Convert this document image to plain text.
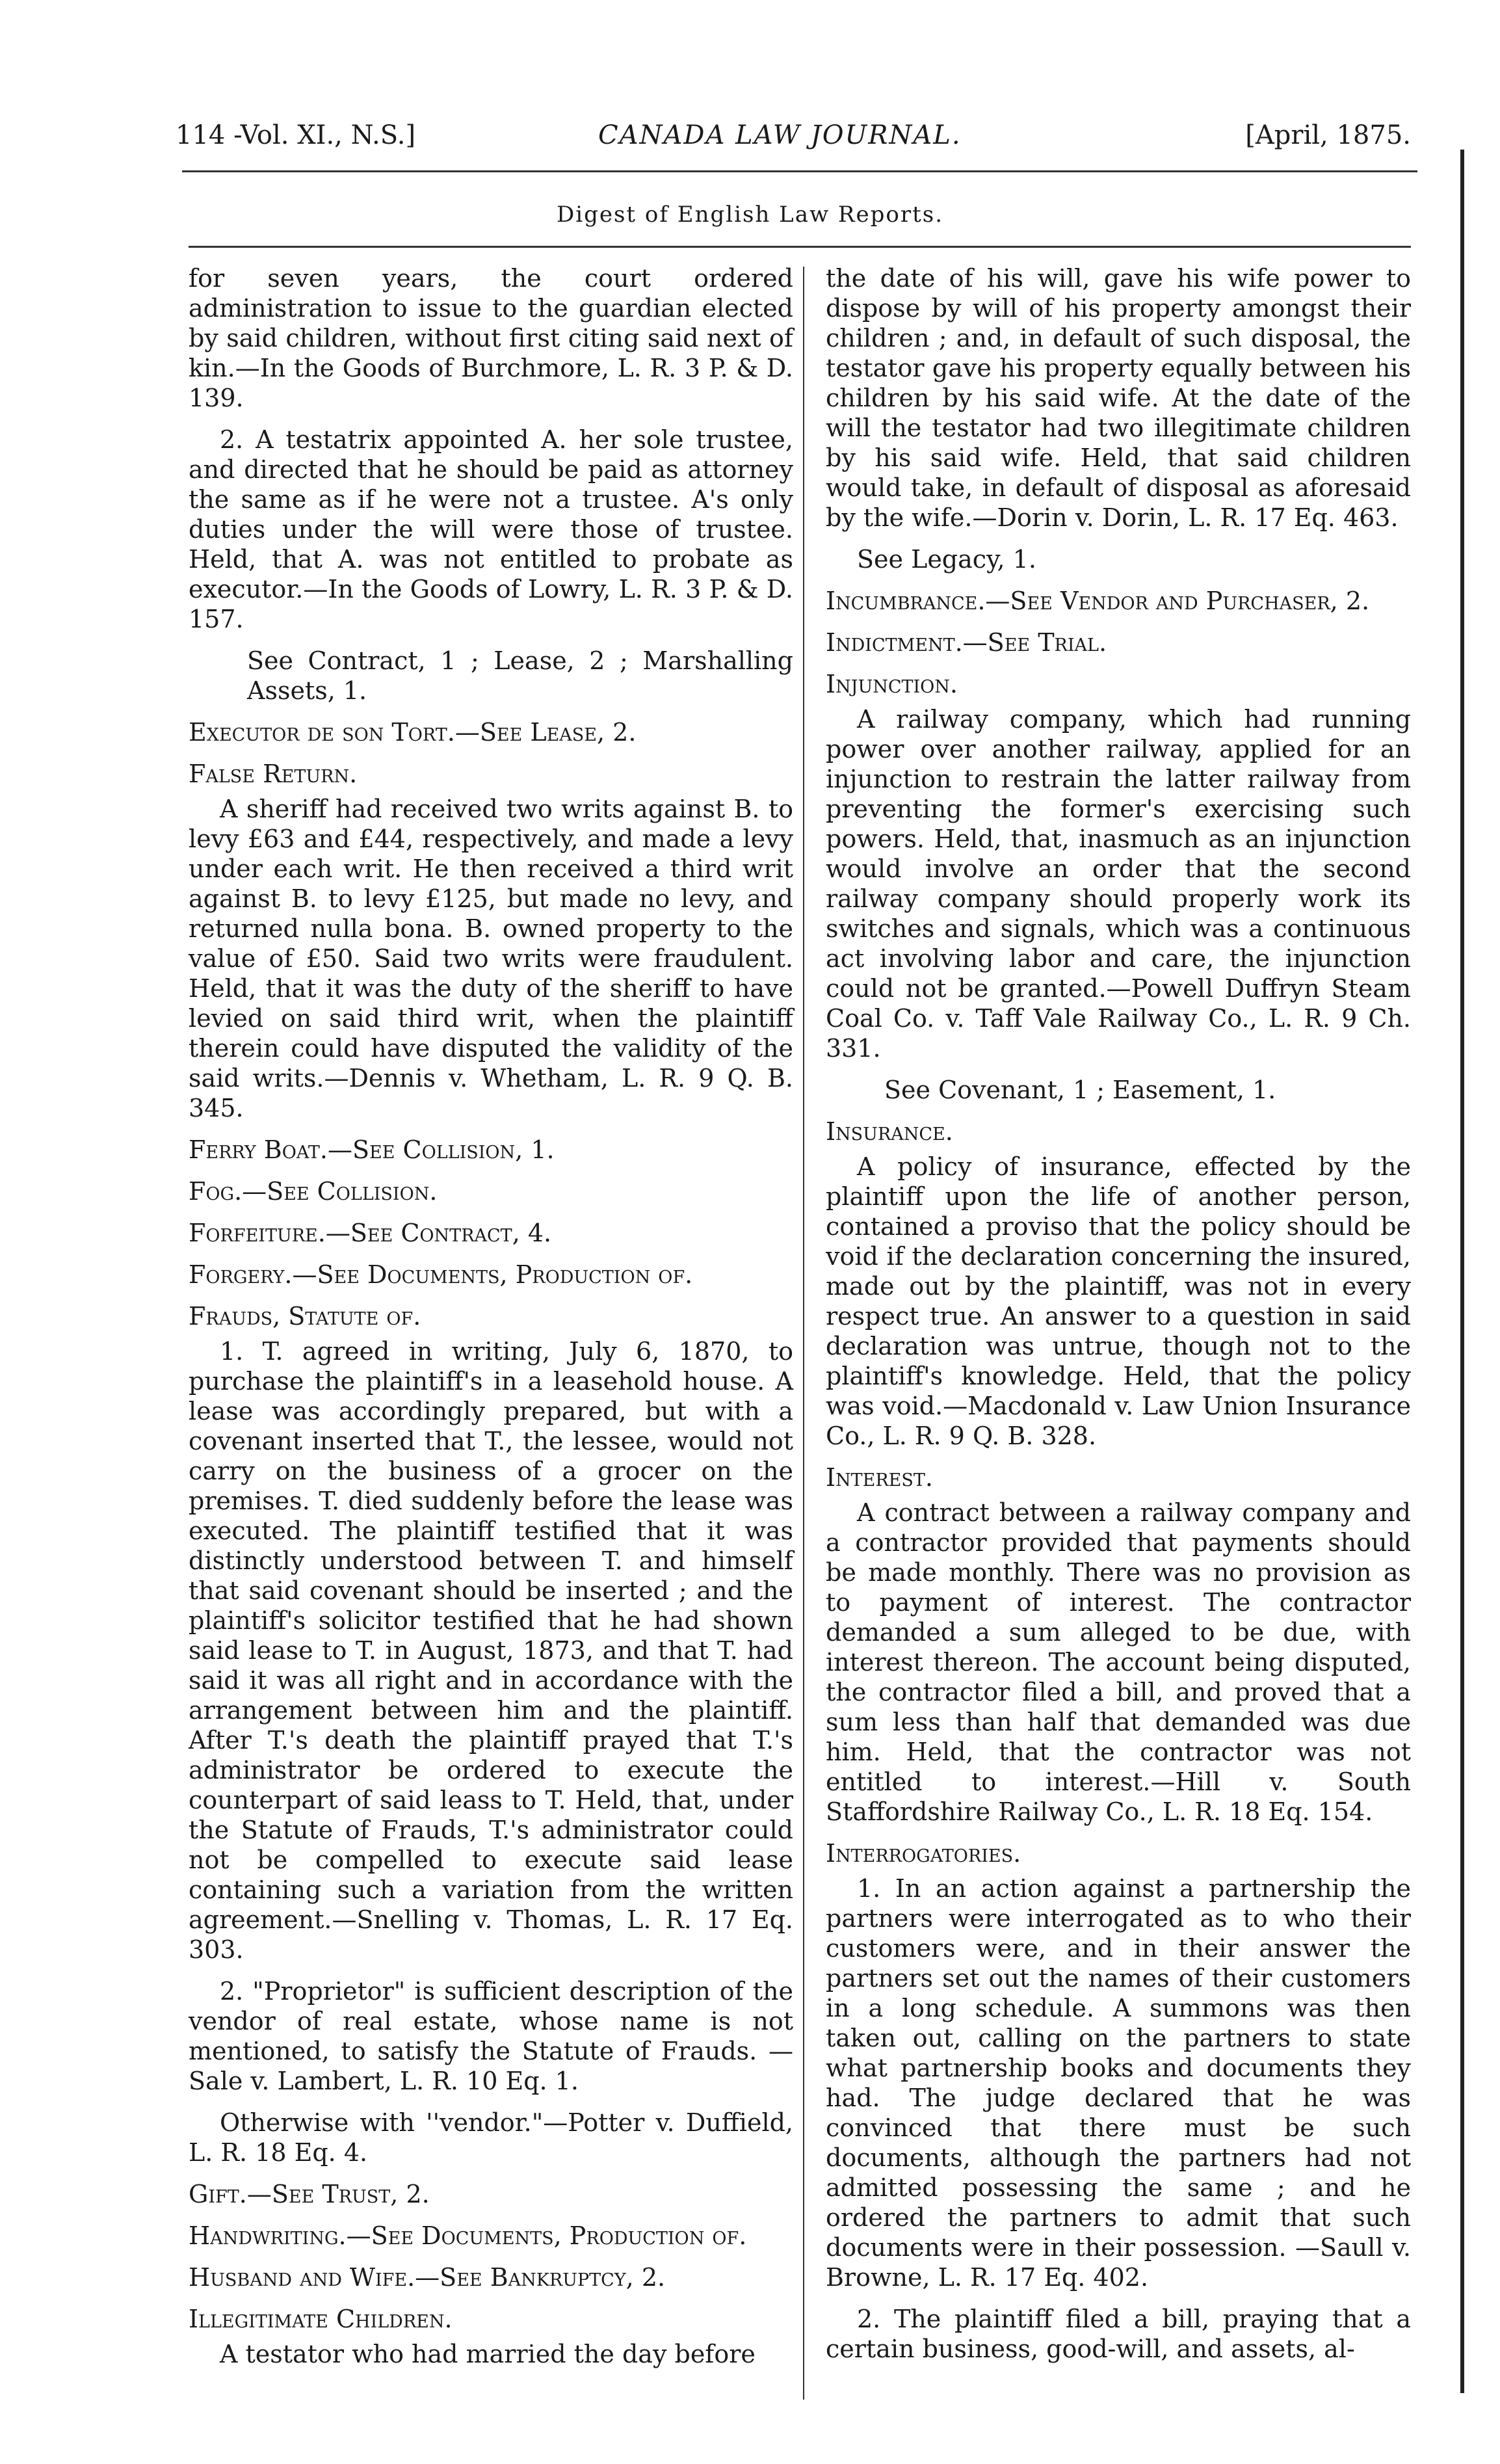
114 -Vol. XI., N.S.]	CANADA LAW JOURNAL.	[April, 1875.
Digest of English Law Reports.

for seven years, the court ordered administration to issue to the guardian elected by said children, without first citing said next of kin.—In the Goods of Burchmore, L. R. 3 P. & D. 139.

2. A testatrix appointed A. her sole trustee, and directed that he should be paid as attorney the same as if he were not a trustee. A's only duties under the will were those of trustee. Held, that A. was not entitled to probate as executor.—In the Goods of Lowry, L. R. 3 P. & D. 157.

See Contract, 1 ; Lease, 2 ; Marshalling Assets, 1.

Executor de son Tort.—See Lease, 2.

False Return.

A sheriff had received two writs against B. to levy £63 and £44, respectively, and made a levy under each writ. He then received a third writ against B. to levy £125, but made no levy, and returned nulla bona. B. owned property to the value of £50. Said two writs were fraudulent. Held, that it was the duty of the sheriff to have levied on said third writ, when the plaintiff therein could have disputed the validity of the said writs.—Dennis v. Whetham, L. R. 9 Q. B. 345.

Ferry Boat.—See Collision, 1.

Fog.—See Collision.

Forfeiture.—See Contract, 4.

Forgery.—See Documents, Production of.

Frauds, Statute of.

1. T. agreed in writing, July 6, 1870, to purchase the plaintiff's in a leasehold house. A lease was accordingly prepared, but with a covenant inserted that T., the lessee, would not carry on the business of a grocer on the premises. T. died suddenly before the lease was executed. The plaintiff testified that it was distinctly understood between T. and himself that said covenant should be inserted ; and the plaintiff's solicitor testified that he had shown said lease to T. in August, 1873, and that T. had said it was all right and in accordance with the arrangement between him and the plaintiff. After T.'s death the plaintiff prayed that T.'s administrator be ordered to execute the counterpart of said leass to T. Held, that, under the Statute of Frauds, T.'s administrator could not be compelled to execute said lease containing such a variation from the written agreement.—Snelling v. Thomas, L. R. 17 Eq. 303.

2. "Proprietor" is sufficient description of the vendor of real estate, whose name is not mentioned, to satisfy the Statute of Frauds. —Sale v. Lambert, L. R. 10 Eq. 1.

Otherwise with ''vendor."—Potter v. Duffield, L. R. 18 Eq. 4.

Gift.—See Trust, 2.

Handwriting.—See Documents, Production of.

Husband and Wife.—See Bankruptcy, 2.

Illegitimate Children.

A testator who had married the day before

the date of his will, gave his wife power to dispose by will of his property amongst their children ; and, in default of such disposal, the testator gave his property equally between his children by his said wife. At the date of the will the testator had two illegitimate children by his said wife. Held, that said children would take, in default of disposal as aforesaid by the wife.—Dorin v. Dorin, L. R. 17 Eq. 463.

See Legacy, 1.

Incumbrance.—See Vendor and Purchaser, 2.

Indictment.—See Trial.

Injunction.

A railway company, which had running power over another railway, applied for an injunction to restrain the latter railway from preventing the former's exercising such powers. Held, that, inasmuch as an injunction would involve an order that the second railway company should properly work its switches and signals, which was a continuous act involving labor and care, the injunction could not be granted.—Powell Duffryn Steam Coal Co. v. Taff Vale Railway Co., L. R. 9 Ch. 331.

See Covenant, 1 ; Easement, 1.

Insurance.

A policy of insurance, effected by the plaintiff upon the life of another person, contained a proviso that the policy should be void if the declaration concerning the insured, made out by the plaintiff, was not in every respect true. An answer to a question in said declaration was untrue, though not to the plaintiff's knowledge. Held, that the policy was void.—Macdonald v. Law Union Insurance Co., L. R. 9 Q. B. 328.

Interest.

A contract between a railway company and a contractor provided that payments should be made monthly. There was no provision as to payment of interest. The contractor demanded a sum alleged to be due, with interest thereon. The account being disputed, the contractor filed a bill, and proved that a sum less than half that demanded was due him. Held, that the contractor was not entitled to interest.—Hill v. South Staffordshire Railway Co., L. R. 18 Eq. 154.

Interrogatories.

1. In an action against a partnership the partners were interrogated as to who their customers were, and in their answer the partners set out the names of their customers in a long schedule. A summons was then taken out, calling on the partners to state what partnership books and documents they had. The judge declared that he was convinced that there must be such documents, although the partners had not admitted possessing the same ; and he ordered the partners to admit that such documents were in their possession. —Saull v. Browne, L. R. 17 Eq. 402.

2. The plaintiff filed a bill, praying that a certain business, good-will, and assets, al-
